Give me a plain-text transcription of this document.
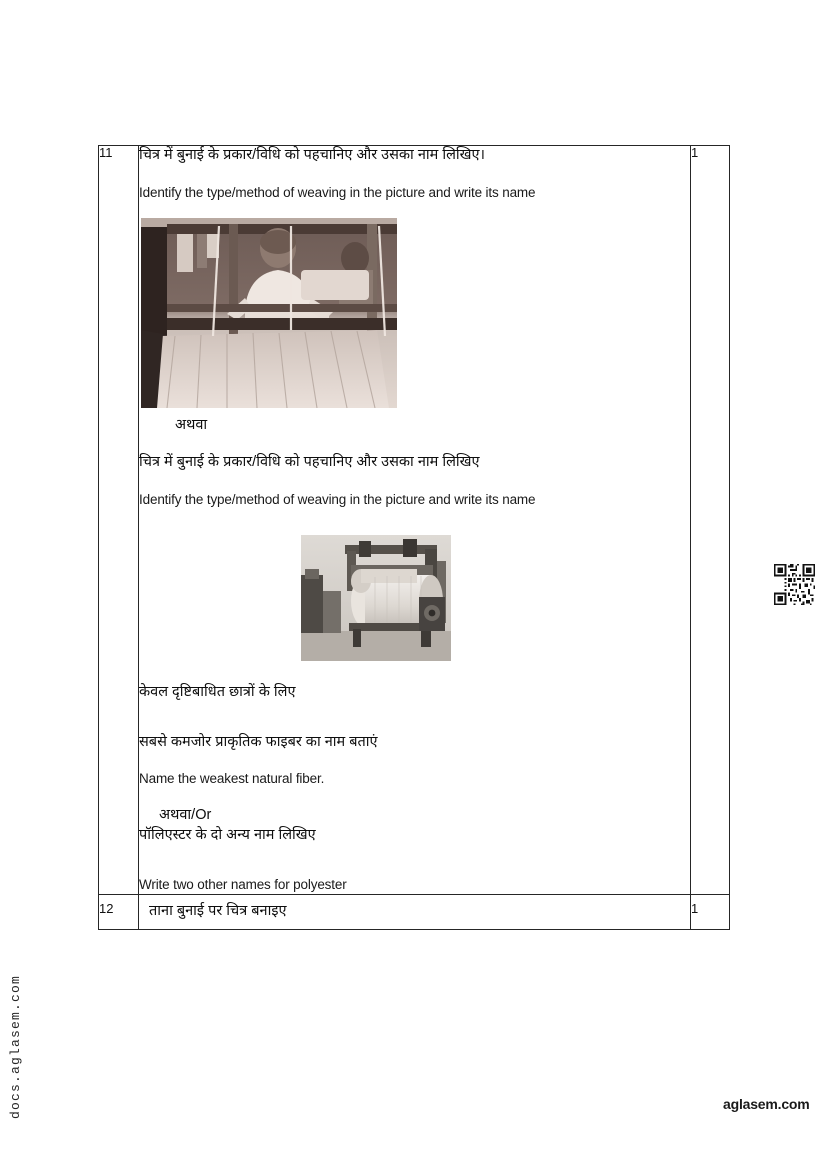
docs.aglasem.com	aglasem.com
11	चित्र में बुनाई के प्रकार/विधि को पहचानिए और उसका नाम लिखिए।

Identify the type/method of weaving in the picture and write its name

अथवा

चित्र में बुनाई के प्रकार/विधि को पहचानिए और उसका नाम लिखिए

Identify the type/method of weaving in the picture and write its name

केवल दृष्टिबाधित छात्रों के लिए

सबसे कमजोर प्राकृतिक फाइबर का नाम बताएं

Name the weakest natural fiber.

अथवा/Or

पॉलिएस्टर के दो अन्य नाम लिखिए

Write two other names for polyester

	1
12	ताना बुनाई पर चित्र बनाइए	1
